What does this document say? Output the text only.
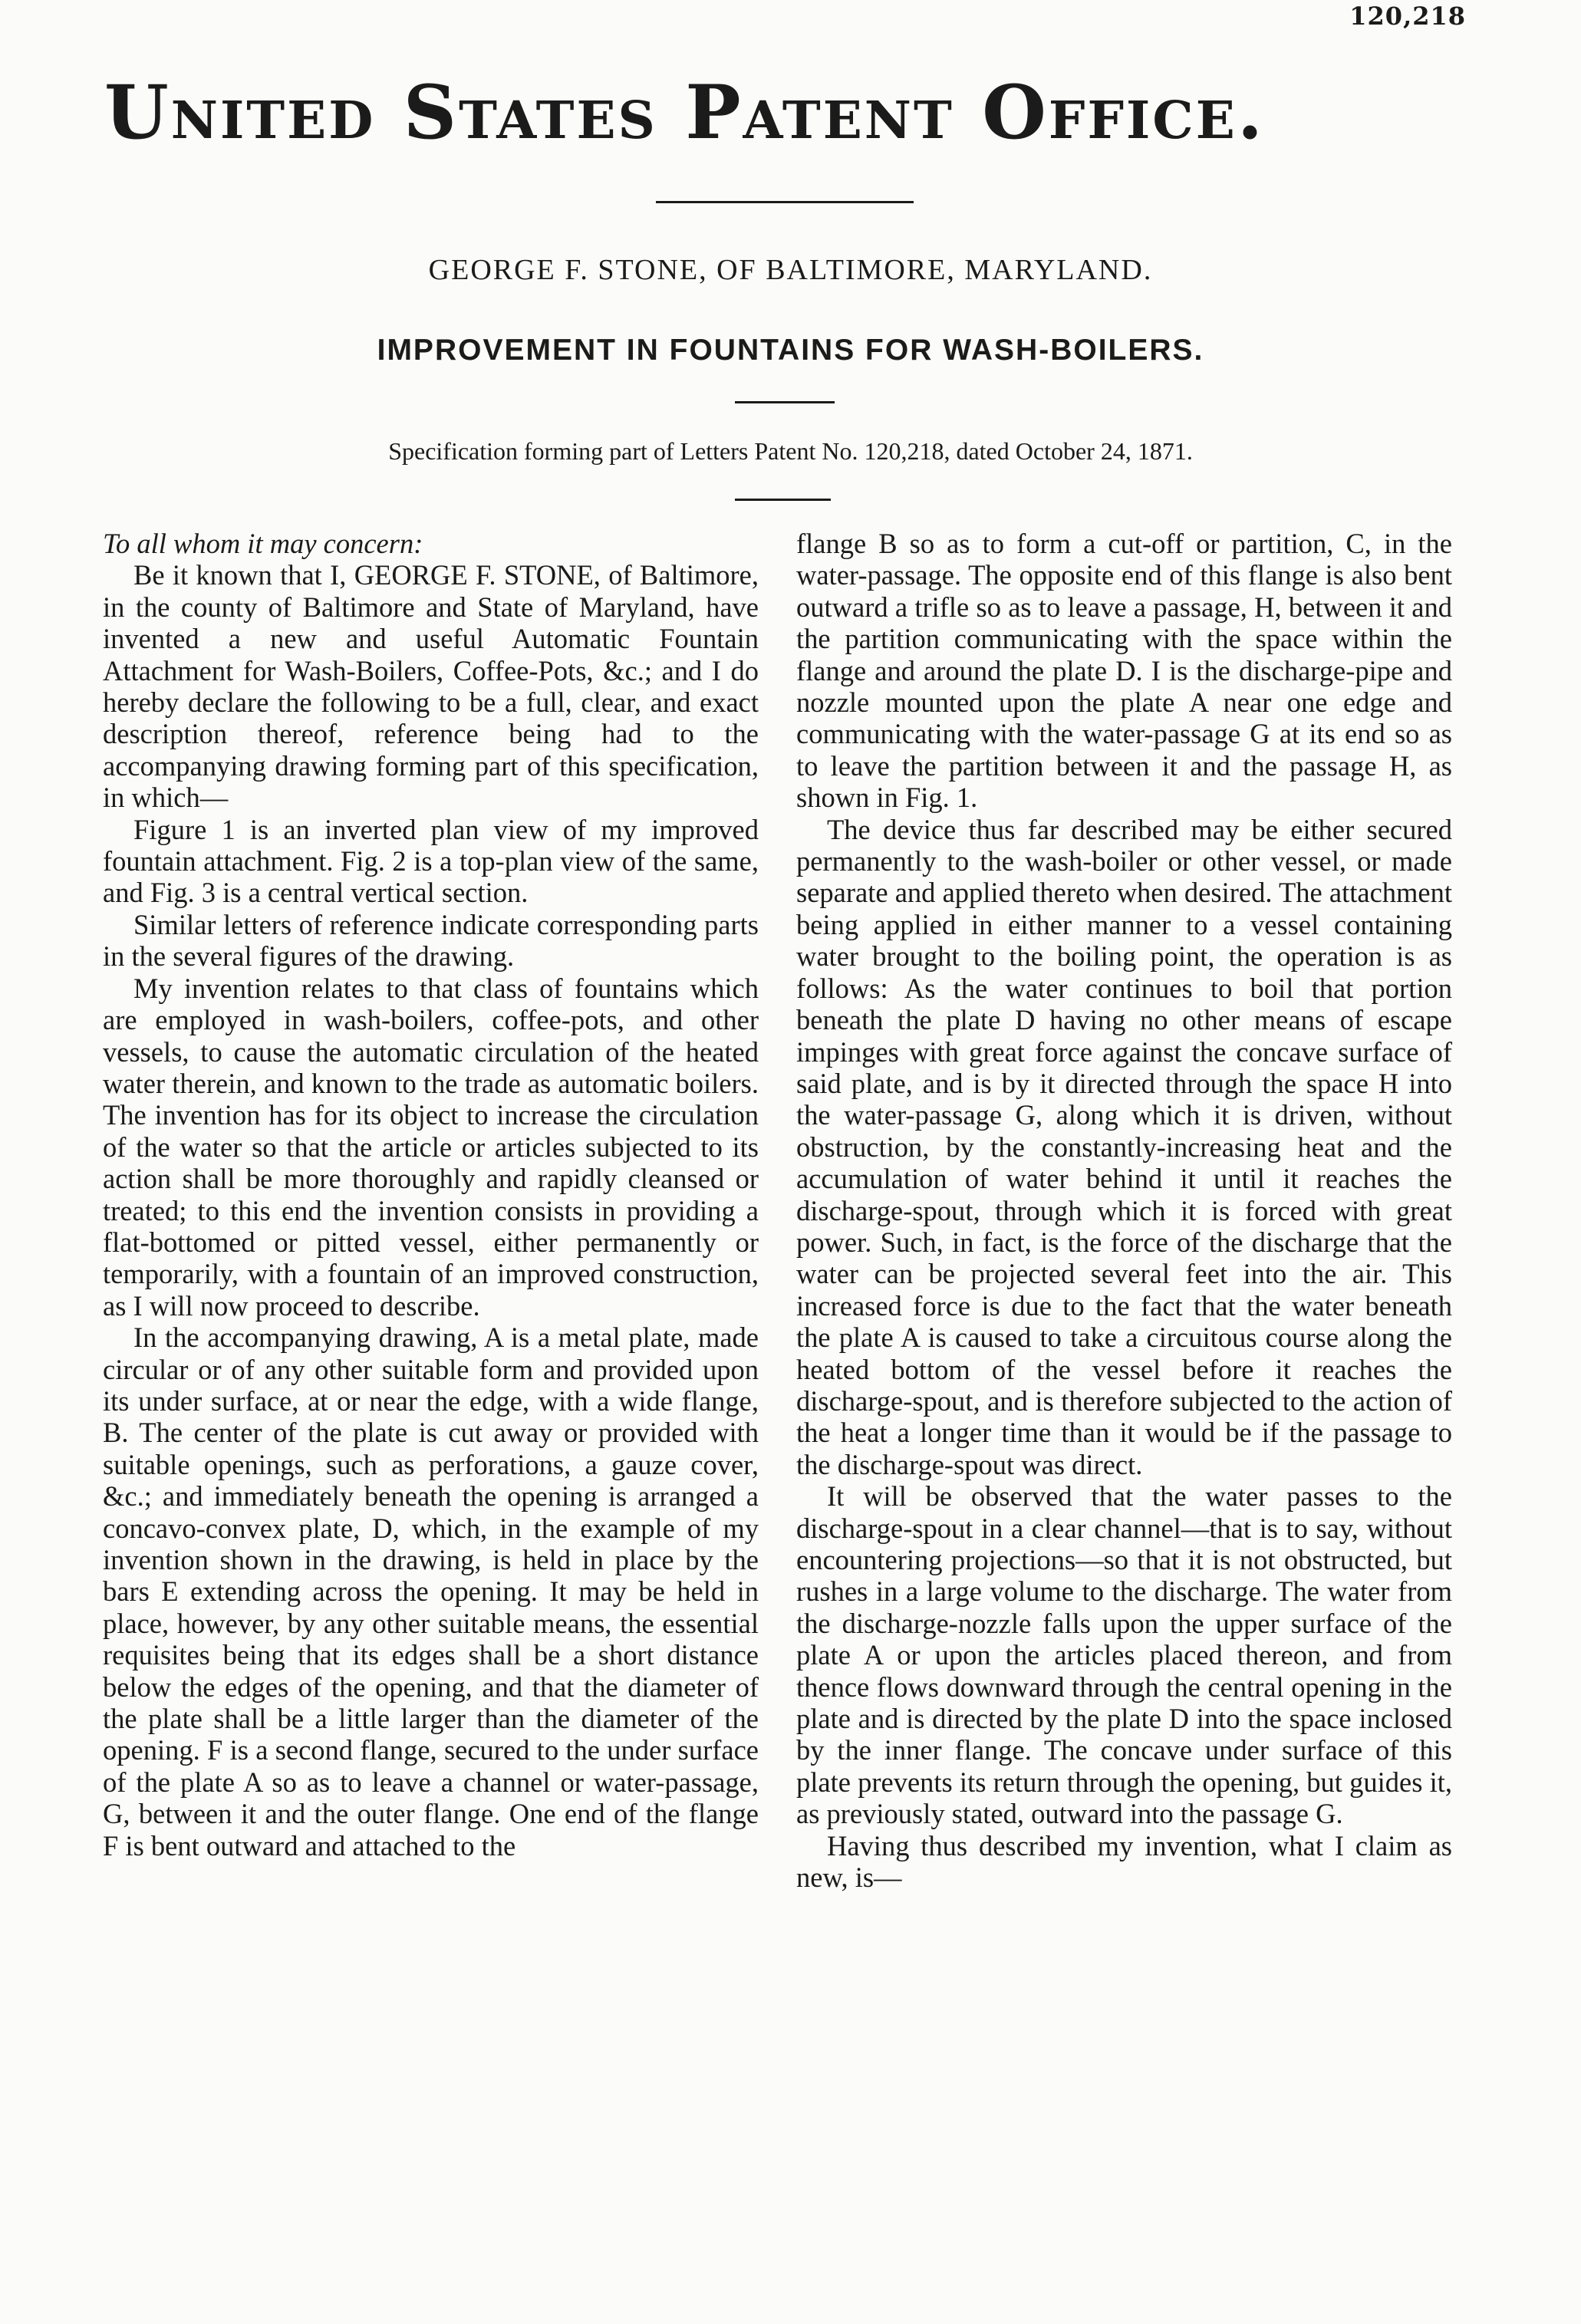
120,218
United States Patent Office.
GEORGE F. STONE, OF BALTIMORE, MARYLAND.
IMPROVEMENT IN FOUNTAINS FOR WASH-BOILERS.
Specification forming part of Letters Patent No. 120,218, dated October 24, 1871.

To all whom it may concern:

Be it known that I, GEORGE F. STONE, of Baltimore, in the county of Baltimore and State of Maryland, have invented a new and useful Automatic Fountain Attachment for Wash-Boilers, Coffee-Pots, &c.; and I do hereby declare the following to be a full, clear, and exact description thereof, reference being had to the accompanying drawing forming part of this specification, in which—

Figure 1 is an inverted plan view of my improved fountain attachment. Fig. 2 is a top-plan view of the same, and Fig. 3 is a central vertical section.

Similar letters of reference indicate corresponding parts in the several figures of the drawing.

My invention relates to that class of fountains which are employed in wash-boilers, coffee-pots, and other vessels, to cause the automatic circulation of the heated water therein, and known to the trade as automatic boilers. The invention has for its object to increase the circulation of the water so that the article or articles subjected to its action shall be more thoroughly and rapidly cleansed or treated; to this end the invention consists in providing a flat-bottomed or pitted vessel, either permanently or temporarily, with a fountain of an improved construction, as I will now proceed to describe.

In the accompanying drawing, A is a metal plate, made circular or of any other suitable form and provided upon its under surface, at or near the edge, with a wide flange, B. The center of the plate is cut away or provided with suitable openings, such as perforations, a gauze cover, &c.; and immediately beneath the opening is arranged a concavo-convex plate, D, which, in the example of my invention shown in the drawing, is held in place by the bars E extending across the opening. It may be held in place, however, by any other suitable means, the essential requisites being that its edges shall be a short distance below the edges of the opening, and that the diameter of the plate shall be a little larger than the diameter of the opening. F is a second flange, secured to the under surface of the plate A so as to leave a channel or water-passage, G, between it and the outer flange. One end of the flange F is bent outward and attached to the

flange B so as to form a cut-off or partition, C, in the water-passage. The opposite end of this flange is also bent outward a trifle so as to leave a passage, H, between it and the partition communicating with the space within the flange and around the plate D. I is the discharge-pipe and nozzle mounted upon the plate A near one edge and communicating with the water-passage G at its end so as to leave the partition between it and the passage H, as shown in Fig. 1.

The device thus far described may be either secured permanently to the wash-boiler or other vessel, or made separate and applied thereto when desired. The attachment being applied in either manner to a vessel containing water brought to the boiling point, the operation is as follows: As the water continues to boil that portion beneath the plate D having no other means of escape impinges with great force against the concave surface of said plate, and is by it directed through the space H into the water-passage G, along which it is driven, without obstruction, by the constantly-increasing heat and the accumulation of water behind it until it reaches the discharge-spout, through which it is forced with great power. Such, in fact, is the force of the discharge that the water can be projected several feet into the air. This increased force is due to the fact that the water beneath the plate A is caused to take a circuitous course along the heated bottom of the vessel before it reaches the discharge-spout, and is therefore subjected to the action of the heat a longer time than it would be if the passage to the discharge-spout was direct.

It will be observed that the water passes to the discharge-spout in a clear channel—that is to say, without encountering projections—so that it is not obstructed, but rushes in a large volume to the discharge. The water from the discharge-nozzle falls upon the upper surface of the plate A or upon the articles placed thereon, and from thence flows downward through the central opening in the plate and is directed by the plate D into the space inclosed by the inner flange. The concave under surface of this plate prevents its return through the opening, but guides it, as previously stated, outward into the passage G.

Having thus described my invention, what I claim as new, is—
